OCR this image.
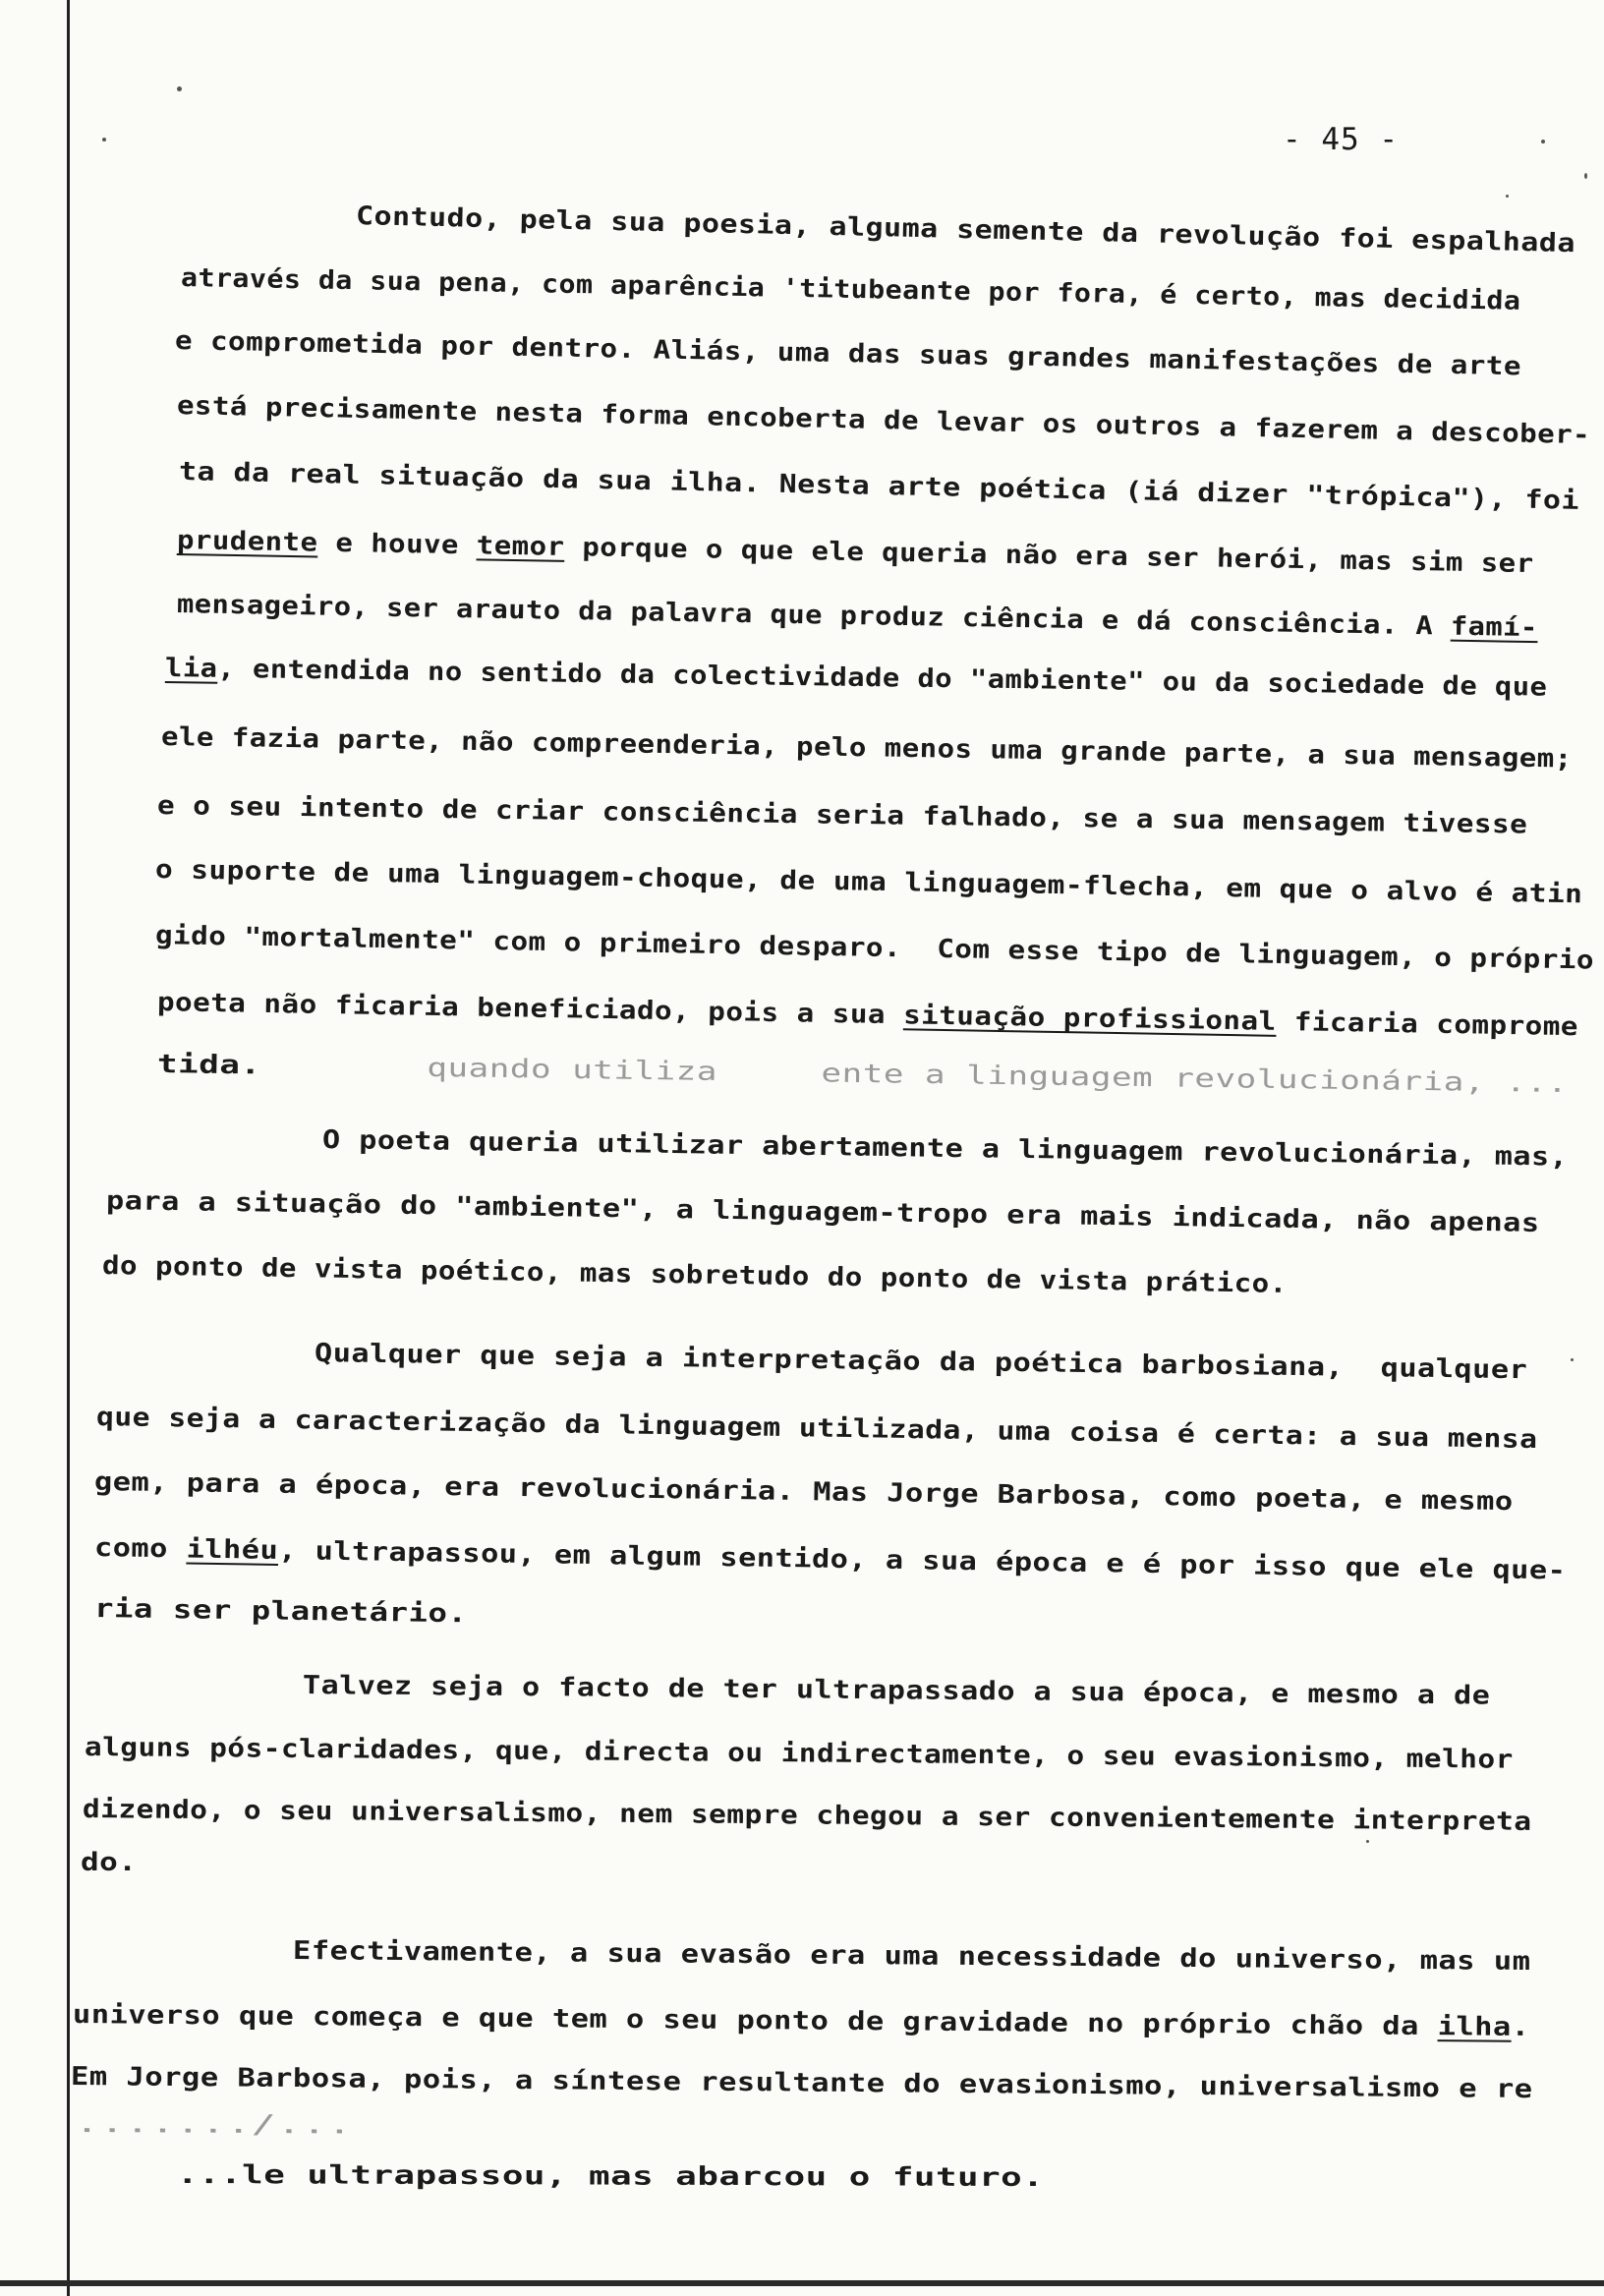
- 45 -
Contudo, pela sua poesia, alguma semente da revolução foi espalhada
através da sua pena, com aparência 'titubeante por fora, é certo, mas decidida
e comprometida por dentro. Aliás, uma das suas grandes manifestações de arte
está precisamente nesta forma encoberta de levar os outros a fazerem a descober-
ta da real situação da sua ilha. Nesta arte poética (iá dizer "trópica"), foi
prudente e houve temor porque o que ele queria não era ser herói, mas sim ser
mensageiro, ser arauto da palavra que produz ciência e dá consciência. A famí-
lia, entendida no sentido da colectividade do "ambiente" ou da sociedade de que
ele fazia parte, não compreenderia, pelo menos uma grande parte, a sua mensagem;
e o seu intento de criar consciência seria falhado, se a sua mensagem tivesse
o suporte de uma linguagem-choque, de uma linguagem-flecha, em que o alvo é atin
gido "mortalmente" com o primeiro desparo.  Com esse tipo de linguagem, o próprio
poeta não ficaria beneficiado, pois a sua situação profissional ficaria comprome
tida.        quando utiliza     ente a linguagem revolucionária, ...
O poeta queria utilizar abertamente a linguagem revolucionária, mas,
para a situação do "ambiente", a linguagem-tropo era mais indicada, não apenas
do ponto de vista poético, mas sobretudo do ponto de vista prático.
Qualquer que seja a interpretação da poética barbosiana,  qualquer
que seja a caracterização da linguagem utilizada, uma coisa é certa: a sua mensa
gem, para a época, era revolucionária. Mas Jorge Barbosa, como poeta, e mesmo
como ilhéu, ultrapassou, em algum sentido, a sua época e é por isso que ele que-
ria ser planetário.
Talvez seja o facto de ter ultrapassado a sua época, e mesmo a de
alguns pós-claridades, que, directa ou indirectamente, o seu evasionismo, melhor
dizendo, o seu universalismo, nem sempre chegou a ser convenientemente interpreta
do.
Efectivamente, a sua evasão era uma necessidade do universo, mas um
universo que começa e que tem o seu ponto de gravidade no próprio chão da ilha.
Em Jorge Barbosa, pois, a síntese resultante do evasionismo, universalismo e re
......./...
...le ultrapassou, mas abarcou o futuro.
